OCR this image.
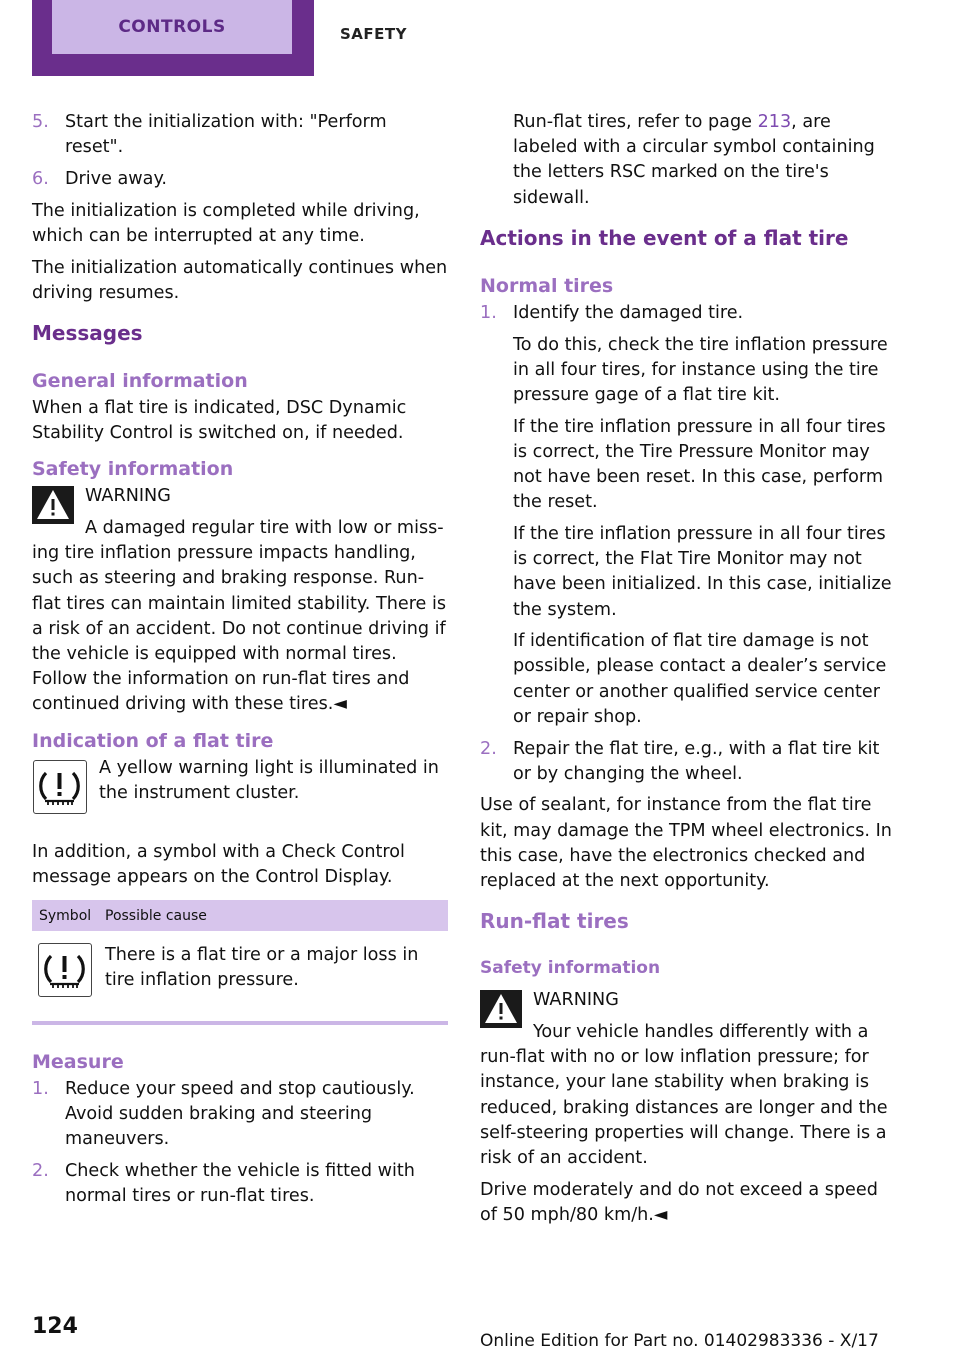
CONTROLS	SAFETY
5. Start the initialization with: "Perform reset".
6. Drive away.

The initialization is completed while driving, which can be interrupted at any time.

The initialization automatically continues when driving resumes.

Messages
General information

When a flat tire is indicated, DSC Dynamic Stability Control is switched on, if needed.

Safety information

WARNING

A damaged regular tire with low or miss-

ing tire inflation pressure impacts handling, such as steering and braking response. Run-flat tires can maintain limited stability. There is a risk of an accident. Do not continue driving if the vehicle is equipped with normal tires. Follow the information on run-flat tires and continued driving with these tires.◄

Indication of a flat tire

A yellow warning light is illuminated in the instrument cluster.

In addition, a symbol with a Check Control message appears on the Control Display.

Symbol	Possible cause

	There is a flat tire or a major loss in tire inflation pressure.
Measure
1. Reduce your speed and stop cautiously. Avoid sudden braking and steering maneuvers.
2. Check whether the vehicle is fitted with normal tires or run-flat tires.

Run-flat tires, refer to page 213, are labeled with a circular symbol containing the letters RSC marked on the tire's sidewall.

Actions in the event of a flat tire
Normal tires
1. Identify the damaged tire.

To do this, check the tire inflation pressure in all four tires, for instance using the tire pressure gage of a flat tire kit.

If the tire inflation pressure in all four tires is correct, the Tire Pressure Monitor may not have been reset. In this case, perform the reset.

If the tire inflation pressure in all four tires is correct, the Flat Tire Monitor may not have been initialized. In this case, initialize the system.

If identification of flat tire damage is not possible, please contact a dealer’s service center or another qualified service center or repair shop.

2. Repair the flat tire, e.g., with a flat tire kit or by changing the wheel.

Use of sealant, for instance from the flat tire kit, may damage the TPM wheel electronics. In this case, have the electronics checked and replaced at the next opportunity.

Run-flat tires
Safety information

WARNING

Your vehicle handles differently with a

run-flat with no or low inflation pressure; for instance, your lane stability when braking is reduced, braking distances are longer and the self-steering properties will change. There is a risk of an accident.

Drive moderately and do not exceed a speed of 50 mph/80 km/h.◄

124
Online Edition for Part no. 01402983336 - X/17
